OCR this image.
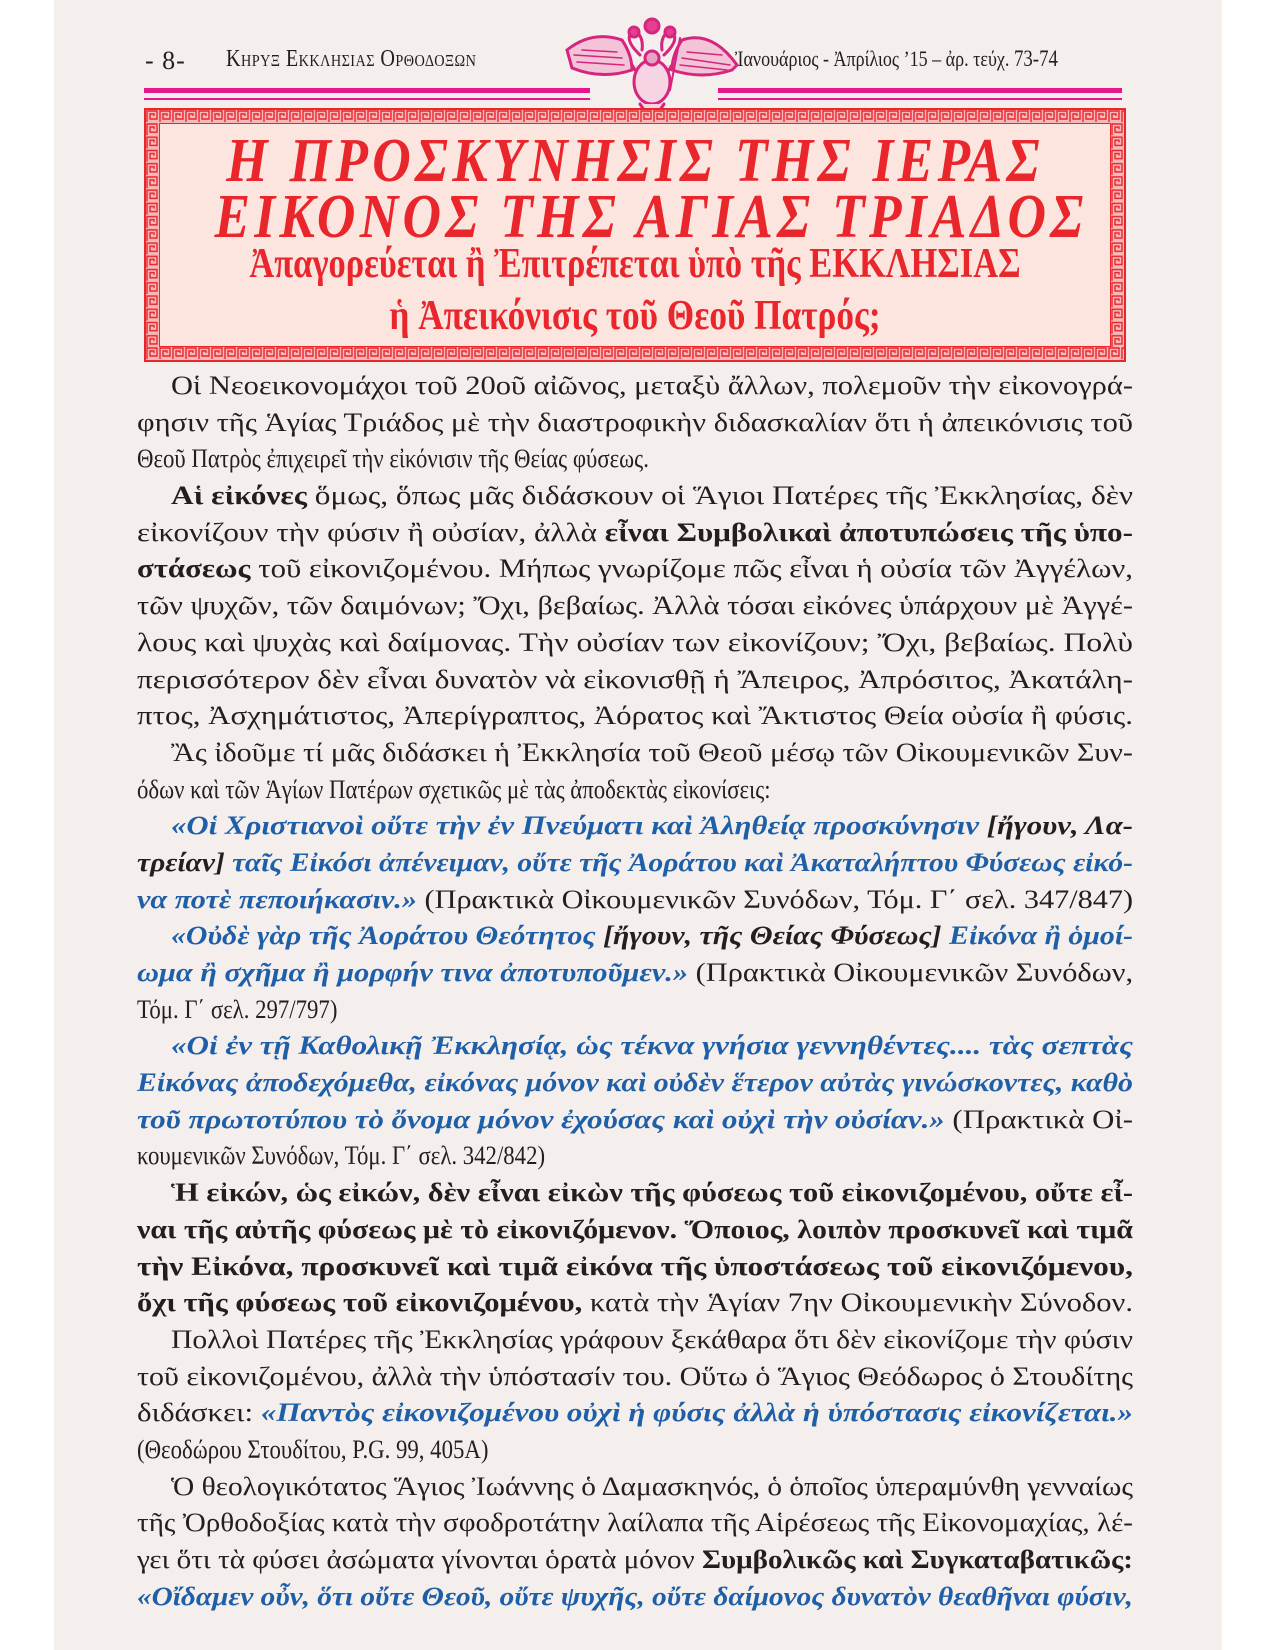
- 8- Κηρυξ Εκκλησιας Ορθοδοξων	Ἰανουάριος - Ἀπρίλιος ’15 – ἀρ. τεύχ. 73-74
Η ΠΡΟΣΚΥΝΗΣΙΣ ΤΗΣ ΙΕΡΑΣ
ΕΙΚΟΝΟΣ ΤΗΣ ΑΓΙΑΣ ΤΡΙΑΔΟΣ
Ἀπαγορεύεται ἢ Ἐπιτρέπεται ὑπὸ τῆς ΕΚΚΛΗΣΙΑΣ
ἡ Ἀπεικόνισις τοῦ Θεοῦ Πατρός;
Οἱ Νεοεικονομάχοι τοῦ 20οῦ αἰῶνος, μεταξὺ ἄλλων, πολεμοῦν τὴν εἰκονογρά-
φησιν τῆς Ἁγίας Τριάδος μὲ τὴν διαστροφικὴν διδασκαλίαν ὅτι ἡ ἀπεικόνισις τοῦ
Θεοῦ Πατρὸς ἐπιχειρεῖ τὴν εἰκόνισιν τῆς Θείας φύσεως.
Αἱ εἰκόνες ὅμως, ὅπως μᾶς διδάσκουν οἱ Ἅγιοι Πατέρες τῆς Ἐκκλησίας, δὲν
εἰκονίζουν τὴν φύσιν ἢ οὐσίαν, ἀλλὰ εἶναι Συμβολικαὶ ἀποτυπώσεις τῆς ὑπο-
στάσεως τοῦ εἰκονιζομένου. Μήπως γνωρίζομε πῶς εἶναι ἡ οὐσία τῶν Ἀγγέλων,
τῶν ψυχῶν, τῶν δαιμόνων; Ὄχι, βεβαίως. Ἀλλὰ τόσαι εἰκόνες ὑπάρχουν μὲ Ἀγγέ-
λους καὶ ψυχὰς καὶ δαίμονας. Τὴν οὐσίαν των εἰκονίζουν; Ὄχι, βεβαίως. Πολὺ
περισσότερον δὲν εἶναι δυνατὸν νὰ εἰκονισθῇ ἡ Ἄπειρος, Ἀπρόσιτος, Ἀκατάλη-
πτος, Ἀσχημάτιστος, Ἀπερίγραπτος, Ἀόρατος καὶ Ἄκτιστος Θεία οὐσία ἢ φύσις.
Ἂς ἰδοῦμε τί μᾶς διδάσκει ἡ Ἐκκλησία τοῦ Θεοῦ μέσῳ τῶν Οἰκουμενικῶν Συν-
όδων καὶ τῶν Ἁγίων Πατέρων σχετικῶς μὲ τὰς ἀποδεκτὰς εἰκονίσεις:
«Οἱ Χριστιανοὶ οὔτε τὴν ἐν Πνεύματι καὶ Ἀληθείᾳ προσκύνησιν [ἤγουν, Λα-
τρείαν] ταῖς Εἰκόσι ἀπένειμαν, οὔτε τῆς Ἀοράτου καὶ Ἀκαταλήπτου Φύσεως εἰκό-
να ποτὲ πεποιήκασιν.» (Πρακτικὰ Οἰκουμενικῶν Συνόδων, Τόμ. Γ΄ σελ. 347/847)
«Οὐδὲ γὰρ τῆς Ἀοράτου Θεότητος [ἤγουν, τῆς Θείας Φύσεως] Εἰκόνα ἢ ὁμοί-
ωμα ἢ σχῆμα ἢ μορφήν τινα ἀποτυποῦμεν.» (Πρακτικὰ Οἰκουμενικῶν Συνόδων,
Τόμ. Γ΄ σελ. 297/797)
«Οἱ ἐν τῇ Καθολικῇ Ἐκκλησίᾳ, ὡς τέκνα γνήσια γεννηθέντες.... τὰς σεπτὰς
Εἰκόνας ἀποδεχόμεθα, εἰκόνας μόνον καὶ οὐδὲν ἕτερον αὐτὰς γινώσκοντες, καθὸ
τοῦ πρωτοτύπου τὸ ὄνομα μόνον ἐχούσας καὶ οὐχὶ τὴν οὐσίαν.» (Πρακτικὰ Οἰ-
κουμενικῶν Συνόδων, Τόμ. Γ΄ σελ. 342/842)
Ἡ εἰκών, ὡς εἰκών, δὲν εἶναι εἰκὼν τῆς φύσεως τοῦ εἰκονιζομένου, οὔτε εἶ-
ναι τῆς αὐτῆς φύσεως μὲ τὸ εἰκονιζόμενον. Ὅποιος, λοιπὸν προσκυνεῖ καὶ τιμᾶ
τὴν Εἰκόνα, προσκυνεῖ καὶ τιμᾶ εἰκόνα τῆς ὑποστάσεως τοῦ εἰκονιζόμενου,
ὄχι τῆς φύσεως τοῦ εἰκονιζομένου, κατὰ τὴν Ἁγίαν 7ην Οἰκουμενικὴν Σύνοδον.
Πολλοὶ Πατέρες τῆς Ἐκκλησίας γράφουν ξεκάθαρα ὅτι δὲν εἰκονίζομε τὴν φύσιν
τοῦ εἰκονιζομένου, ἀλλὰ τὴν ὑπόστασίν του. Οὕτω ὁ Ἅγιος Θεόδωρος ὁ Στουδίτης
διδάσκει: «Παντὸς εἰκονιζομένου οὐχὶ ἡ φύσις ἀλλὰ ἡ ὑπόστασις εἰκονίζεται.»
(Θεοδώρου Στουδίτου, P.G. 99, 405A)
Ὁ θεολογικότατος Ἅγιος Ἰωάννης ὁ Δαμασκηνός, ὁ ὁποῖος ὑπεραμύνθη γενναίως
τῆς Ὀρθοδοξίας κατὰ τὴν σφοδροτάτην λαίλαπα τῆς Αἱρέσεως τῆς Εἰκονομαχίας, λέ-
γει ὅτι τὰ φύσει ἀσώματα γίνονται ὁρατὰ μόνον Συμβολικῶς καὶ Συγκαταβατικῶς:
«Οἴδαμεν οὖν, ὅτι οὔτε Θεοῦ, οὔτε ψυχῆς, οὔτε δαίμονος δυνατὸν θεαθῆναι φύσιν,
